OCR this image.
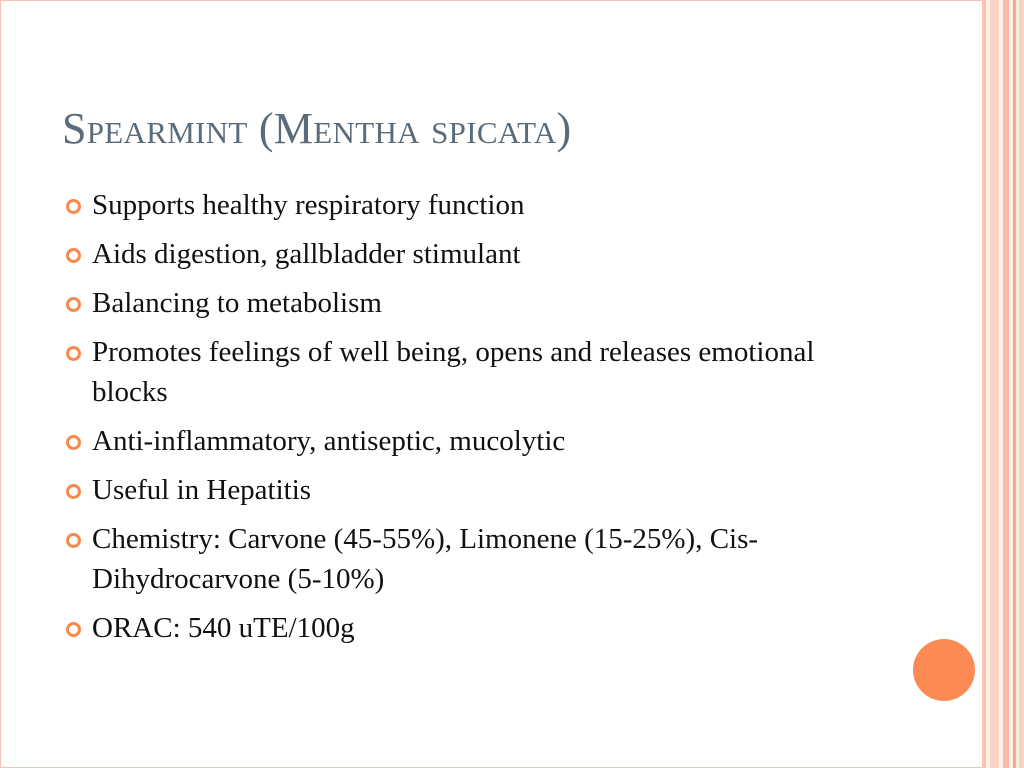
Spearmint (Mentha spicata)
Supports healthy respiratory function
Aids digestion, gallbladder stimulant
Balancing to metabolism
Promotes feelings of well being, opens and releases emotional blocks
Anti-inflammatory, antiseptic, mucolytic
Useful in Hepatitis
Chemistry: Carvone (45-55%), Limonene (15-25%), Cis-Dihydrocarvone (5-10%)
ORAC: 540 uTE/100g
